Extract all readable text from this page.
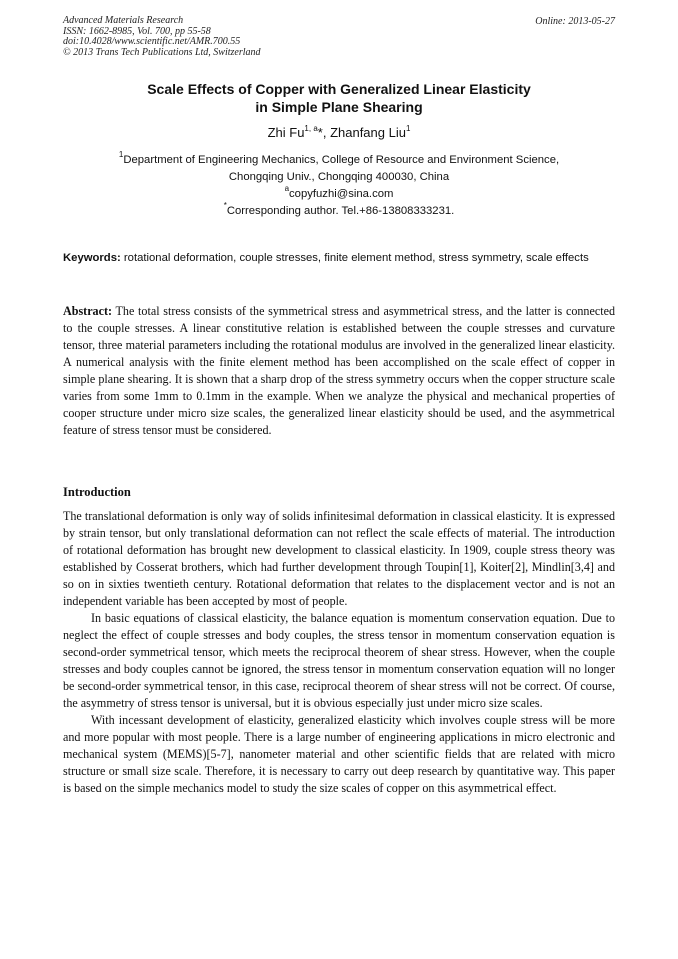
Advanced Materials Research
ISSN: 1662-8985, Vol. 700, pp 55-58
doi:10.4028/www.scientific.net/AMR.700.55
© 2013 Trans Tech Publications Ltd, Switzerland
Online: 2013-05-27
Scale Effects of Copper with Generalized Linear Elasticity
in Simple Plane Shearing
Zhi Fu$^{1, a}$*, Zhanfang Liu$^1$
$^1$Department of Engineering Mechanics, College of Resource and Environment Science,
Chongqing Univ., Chongqing 400030, China
$^a$copyfuzhi@sina.com
*Corresponding author. Tel.+86-13808333231.
Keywords: rotational deformation, couple stresses, finite element method, stress symmetry, scale effects
Abstract: The total stress consists of the symmetrical stress and asymmetrical stress, and the latter is connected to the couple stresses. A linear constitutive relation is established between the couple stresses and curvature tensor, three material parameters including the rotational modulus are involved in the generalized linear elasticity. A numerical analysis with the finite element method has been accomplished on the scale effect of copper in simple plane shearing. It is shown that a sharp drop of the stress symmetry occurs when the copper structure scale varies from some 1mm to 0.1mm in the example. When we analyze the physical and mechanical properties of cooper structure under micro size scales, the generalized linear elasticity should be used, and the asymmetrical feature of stress tensor must be considered.
Introduction

The translational deformation is only way of solids infinitesimal deformation in classical elasticity. It is expressed by strain tensor, but only translational deformation can not reflect the scale effects of material. The introduction of rotational deformation has brought new development to classical elasticity. In 1909, couple stress theory was established by Cosserat brothers, which had further development through Toupin[1], Koiter[2], Mindlin[3,4] and so on in sixties twentieth century. Rotational deformation that relates to the displacement vector and is not an independent variable has been accepted by most of people.

In basic equations of classical elasticity, the balance equation is momentum conservation equation. Due to neglect the effect of couple stresses and body couples, the stress tensor in momentum conservation equation is second-order symmetrical tensor, which meets the reciprocal theorem of shear stress. However, when the couple stresses and body couples cannot be ignored, the stress tensor in momentum conservation equation will no longer be second-order symmetrical tensor, in this case, reciprocal theorem of shear stress will not be correct. Of course, the asymmetry of stress tensor is universal, but it is obvious especially just under micro size scales.

With incessant development of elasticity, generalized elasticity which involves couple stress will be more and more popular with most people. There is a large number of engineering applications in micro electronic and mechanical system (MEMS)[5-7], nanometer material and other scientific fields that are related with micro structure or small size scale. Therefore, it is necessary to carry out deep research by quantitative way. This paper is based on the simple mechanics model to study the size scales of copper on this asymmetrical effect.
